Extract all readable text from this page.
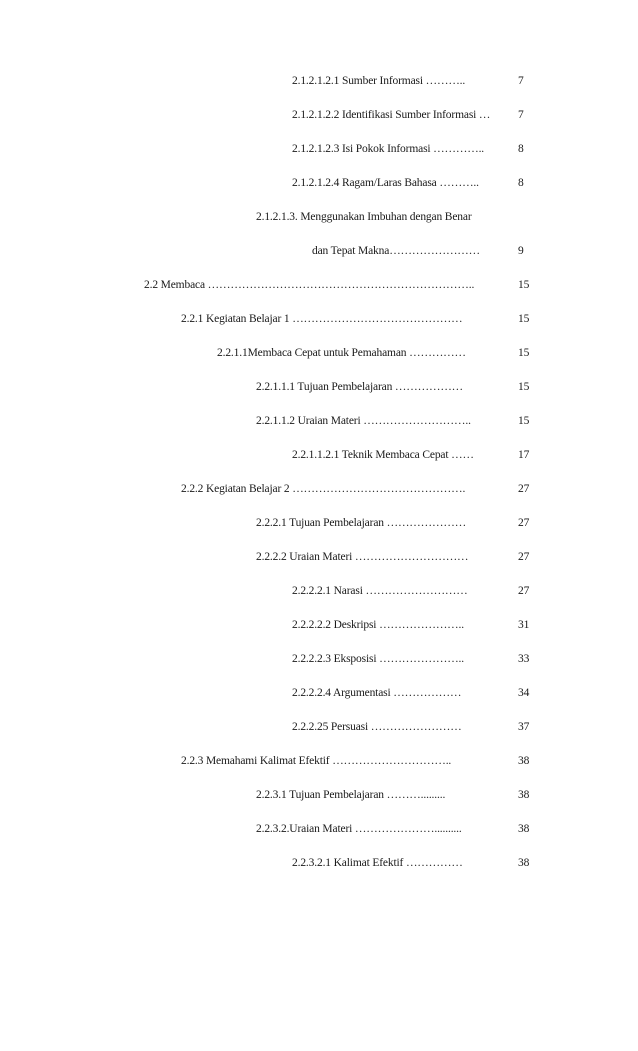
2.1.2.1.2.1 Sumber Informasi ………..	7
2.1.2.1.2.2 Identifikasi Sumber Informasi … 7
2.1.2.1.2.3 Isi Pokok Informasi …………..	8
2.1.2.1.2.4 Ragam/Laras Bahasa ………..	8
2.1.2.1.3. Menggunakan Imbuhan dengan Benar
dan Tepat Makna……………………	9
2.2 Membaca ……………………………………………………………..	15
2.2.1 Kegiatan Belajar 1 ………………………………………	15
2.2.1.1Membaca Cepat untuk Pemahaman ……………	15
2.2.1.1.1 Tujuan Pembelajaran ………………	15
2.2.1.1.2 Uraian Materi ………………………..	15
2.2.1.1.2.1 Teknik Membaca Cepat ……	17
2.2.2 Kegiatan Belajar 2 ……………………………………….	27
2.2.2.1 Tujuan Pembelajaran …………………	27
2.2.2.2 Uraian Materi …………………………	27
2.2.2.2.1 Narasi ………………………	27
2.2.2.2.2 Deskripsi …………………..	31
2.2.2.2.3 Eksposisi …………………..	33
2.2.2.2.4 Argumentasi ………………	34
2.2.2.25 Persuasi ……………………	37
2.2.3 Memahami Kalimat Efektif …………………………..	38
2.2.3.1 Tujuan Pembelajaran ……….........	38
2.2.3.2.Uraian Materi …………………..........	38
2.2.3.2.1 Kalimat Efektif ……………	38
